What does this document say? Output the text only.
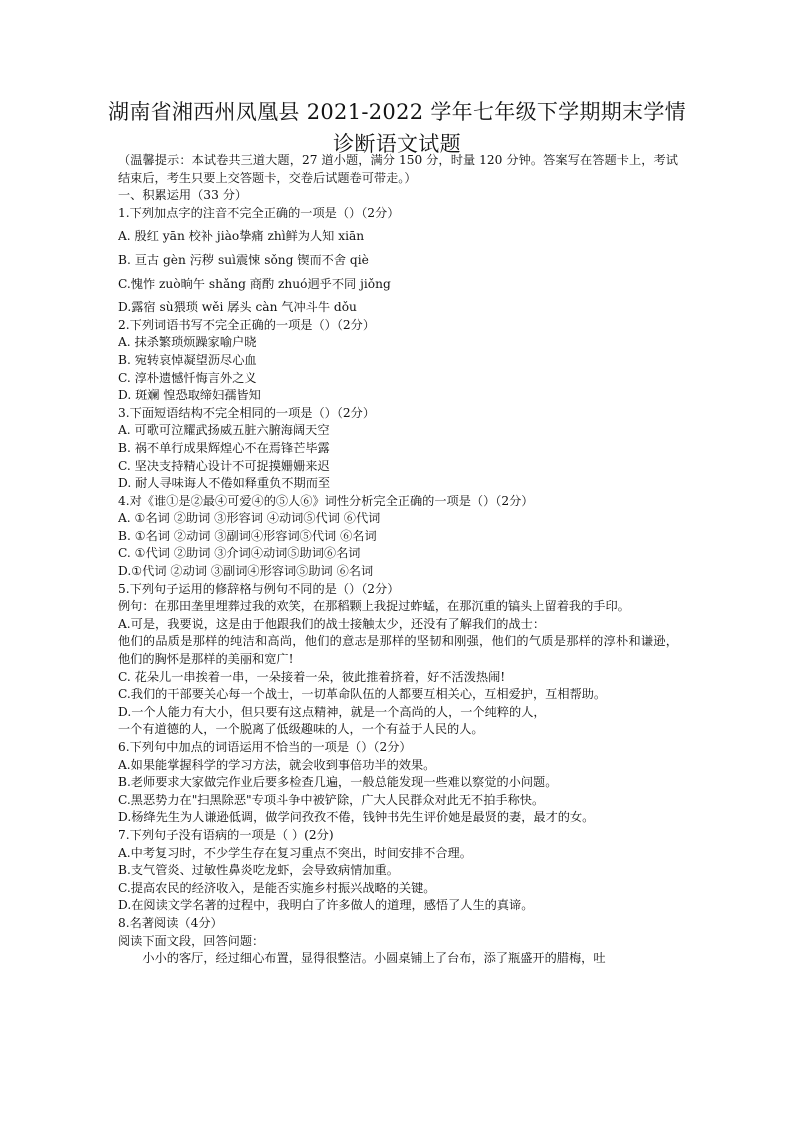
湖南省湘西州凤凰县 2021-2022 学年七年级下学期期末学情
诊断语文试题
（温馨提示：本试卷共三道大题，27 道小题，满分 150 分，时量 120 分钟。答案写在答题卡上，考试结束后，考生只要上交答题卡，交卷后试题卷可带走。）
一、积累运用（33 分）
1.下列加点字的注音不完全正确的一项是（）（2分）
A. 殷红 yān 校补 jiào挚痛 zhì鲜为人知 xiān
B. 亘古 gèn 污秽 suì震悚 sǒng 锲而不舍 qiè
C.愧怍 zuò晌午 shǎng 商酌 zhuó迥乎不同 jiǒng
D.露宿 sù猥琐 wěi 孱头 càn 气冲斗牛 dǒu
2.下列词语书写不完全正确的一项是（）（2分）
A. 抹杀繁琐烦躁家喻户晓
B. 宛转哀悼凝望沥尽心血
C. 淳朴遗憾忏悔言外之义
D. 斑斓 惶恐取缔妇孺皆知
3.下面短语结构不完全相同的一项是（）（2分）
A. 可歌可泣耀武扬威五脏六腑海阔天空
B. 祸不单行成果辉煌心不在焉锋芒毕露
C. 坚决支持精心设计不可捉摸姗姗来迟
D. 耐人寻味诲人不倦如释重负不期而至
4.对《谁①是②最④可爱④的⑤人⑥》词性分析完全正确的一项是（）（2分）
A. ①名词 ②助词 ③形容词 ④动词⑤代词 ⑥代词
B. ①名词 ②动词 ③副词④形容词⑤代词 ⑥名词
C. ①代词 ②助词 ③介词④动词⑤助词⑥名词
D.①代词 ②动词 ③副词④形容词⑤助词 ⑥名词
5.下列句子运用的修辞格与例句不同的是（）（2分）
例句：在那田垄里埋葬过我的欢笑，在那稻颗上我捉过蚱蜢，在那沉重的镐头上留着我的手印。
A.可是，我要说，这是由于他跟我们的战士接触太少，还没有了解我们的战士：
他们的品质是那样的纯洁和高尚，他们的意志是那样的坚韧和刚强，他们的气质是那样的淳朴和谦逊，他们的胸怀是那样的美丽和宽广!
C. 花朵儿一串挨着一串，一朵接着一朵，彼此推着挤着，好不活泼热闹!
C.我们的干部要关心每一个战士，一切革命队伍的人都要互相关心，互相爱护，互相帮助。
D.一个人能力有大小，但只要有这点精神，就是一个高尚的人，一个纯粹的人，
一个有道德的人，一个脱离了低级趣味的人，一个有益于人民的人。
6.下列句中加点的词语运用不恰当的一项是（）（2分）
A.如果能掌握科学的学习方法，就会收到事倍功半的效果。
B.老师要求大家做完作业后要多检查几遍，一般总能发现一些难以察觉的小问题。
C.黑恶势力在"扫黑除恶"专项斗争中被铲除，广大人民群众对此无不拍手称快。
D.杨绛先生为人谦逊低调，做学问孜孜不倦，钱钟书先生评价她是最贤的妻，最才的女。
7.下列句子没有语病的一项是（ ）(2分)
A.中考复习时，不少学生存在复习重点不突出，时间安排不合理。
B.支气管炎、过敏性鼻炎吃龙虾，会导致病情加重。
C.提高农民的经济收入，是能否实施乡村振兴战略的关键。
D.在阅读文学名著的过程中，我明白了许多做人的道理，感悟了人生的真谛。
8.名著阅读（4分）
阅读下面文段，回答问题：
小小的客厅，经过细心布置，显得很整洁。小圆桌铺上了台布，添了瓶盛开的腊梅，吐
